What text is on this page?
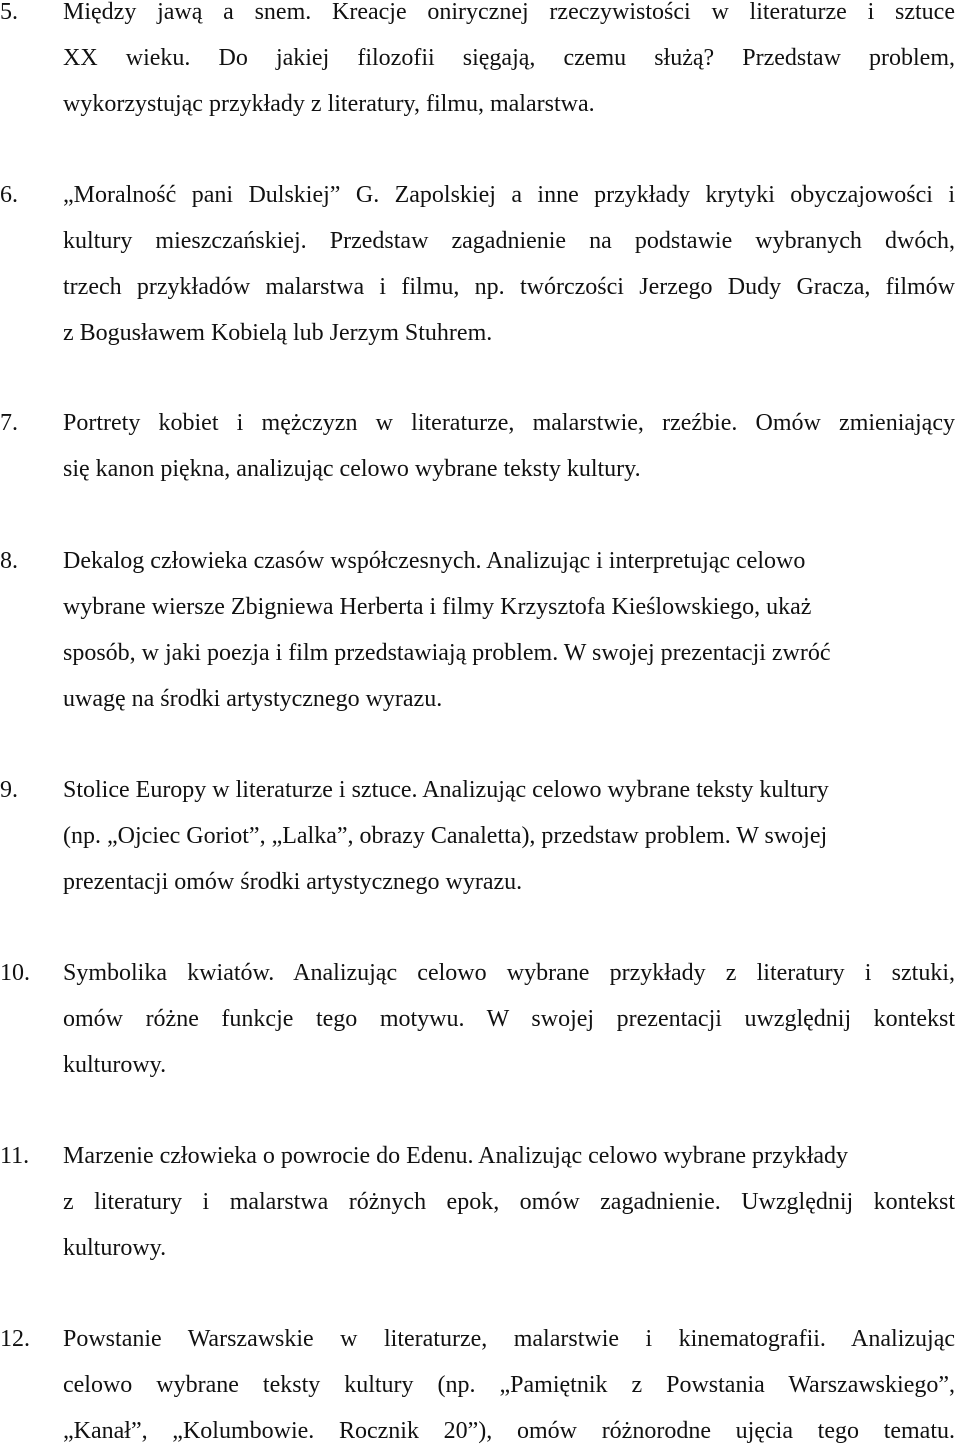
5. Między jawą a snem. Kreacje onirycznej rzeczywistości w literaturze i sztuce
XX wieku. Do jakiej filozofii sięgają, czemu służą? Przedstaw problem,
wykorzystując przykłady z literatury, filmu, malarstwa.
6. „Moralność pani Dulskiej” G. Zapolskiej a inne przykłady krytyki obyczajowości i
kultury mieszczańskiej. Przedstaw zagadnienie na podstawie wybranych dwóch,
trzech przykładów malarstwa i filmu, np. twórczości Jerzego Dudy Gracza, filmów
z Bogusławem Kobielą lub Jerzym Stuhrem.
7. Portrety kobiet i mężczyzn w literaturze, malarstwie, rzeźbie. Omów zmieniający
się kanon piękna, analizując celowo wybrane teksty kultury.
8. Dekalog człowieka czasów współczesnych. Analizując i interpretując celowo
wybrane wiersze Zbigniewa Herberta i filmy Krzysztofa Kieślowskiego, ukaż
sposób, w jaki poezja i film przedstawiają problem. W swojej prezentacji zwróć
uwagę na środki artystycznego wyrazu.
9. Stolice Europy w literaturze i sztuce. Analizując celowo wybrane teksty kultury
(np. „Ojciec Goriot”, „Lalka”, obrazy Canaletta), przedstaw problem. W swojej
prezentacji omów środki artystycznego wyrazu.
10. Symbolika kwiatów. Analizując celowo wybrane przykłady z literatury i sztuki,
omów różne funkcje tego motywu. W swojej prezentacji uwzględnij kontekst
kulturowy.
11. Marzenie człowieka o powrocie do Edenu. Analizując celowo wybrane przykłady
z literatury i malarstwa różnych epok, omów zagadnienie. Uwzględnij kontekst
kulturowy.
12. Powstanie Warszawskie w literaturze, malarstwie i kinematografii. Analizując
celowo wybrane teksty kultury (np. „Pamiętnik z Powstania Warszawskiego”,
„Kanał”, „Kolumbowie. Rocznik 20”), omów różnorodne ujęcia tego tematu.
